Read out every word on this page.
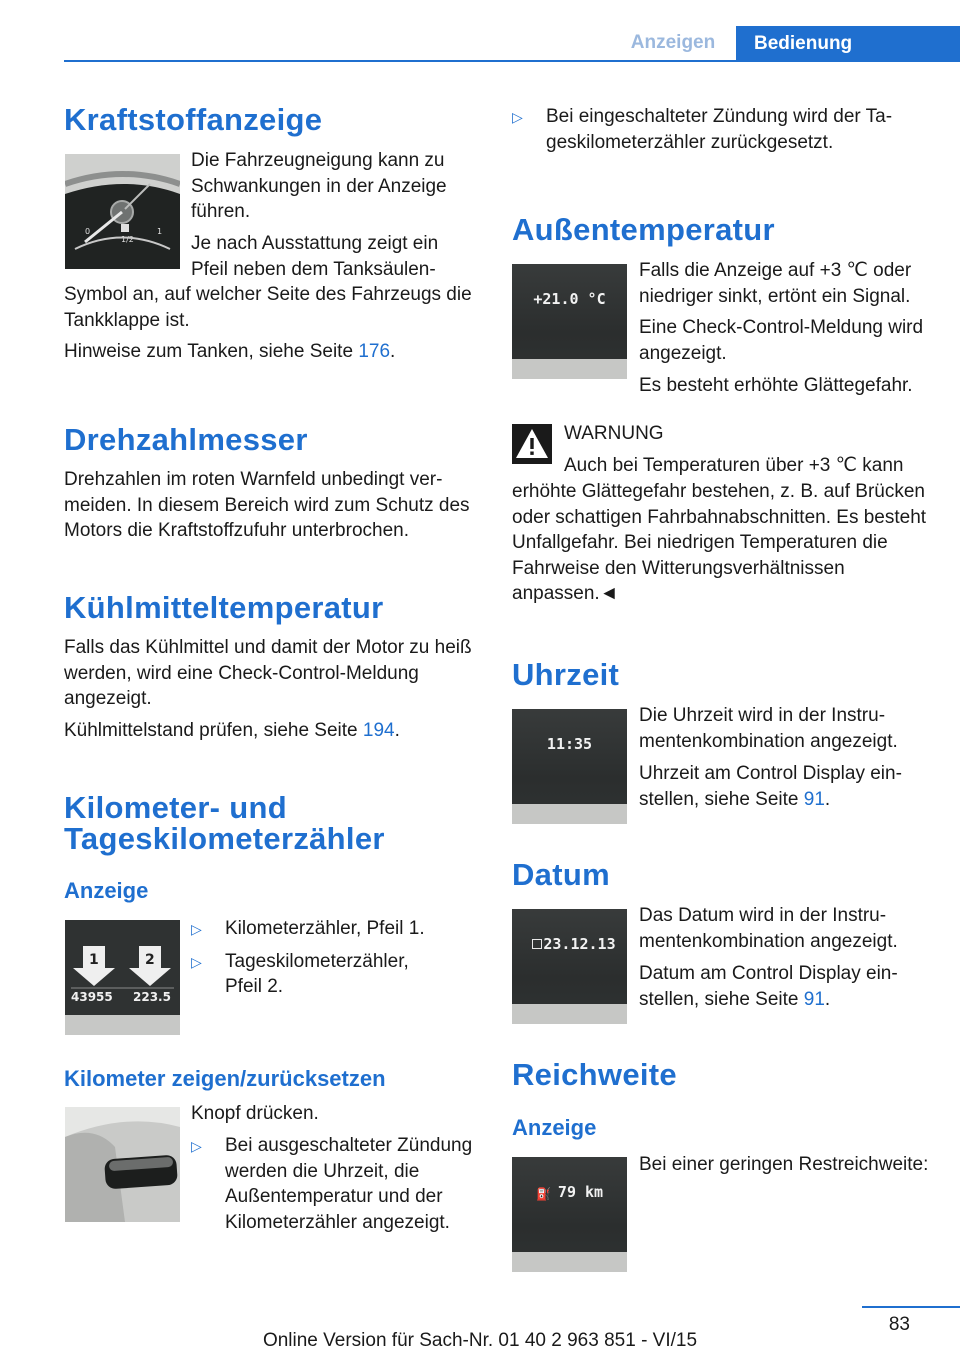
Anzeigen	Bedienung
Kraftstoffanzeige
0
1/2
1
Die Fahrzeugneigung kann zu Schwankungen in der Anzeige führen.
Je nach Ausstattung zeigt ein Pfeil neben dem Tanksäulen-
Symbol an, auf welcher Seite des Fahrzeugs die Tankklappe ist.
Hinweise zum Tanken, siehe Seite 176.
Drehzahlmesser
Drehzahlen im roten Warnfeld unbedingt vermeiden. In diesem Bereich wird zum Schutz des Motors die Kraftstoffzufuhr unterbrochen.
Kühlmitteltemperatur
Falls das Kühlmittel und damit der Motor zu heiß werden, wird eine Check-Control-Meldung angezeigt.
Kühlmittelstand prüfen, siehe Seite 194.
Kilometer- und
Tageskilometerzähler
Anzeige
1	2
43955 223.5
▷	Kilometerzähler, Pfeil 1.
▷	Tageskilometerzähler, Pfeil 2.
Kilometer zeigen/zurücksetzen
Knopf drücken.
▷	Bei ausgeschalteter Zündung werden die Uhrzeit, die Außentemperatur und der Kilometerzähler angezeigt.
▷	Bei eingeschalteter Zündung wird der Tageskilometerzähler zurückgesetzt.
Außentemperatur
+21.0 °C
Falls die Anzeige auf +3 ℃ oder niedriger sinkt, ertönt ein Signal.
Eine Check-Control-Meldung wird angezeigt.
Es besteht erhöhte Glättegefahr.
WARNUNG
Auch bei Temperaturen über +3 ℃ kann
erhöhte Glättegefahr bestehen, z. B. auf Brücken oder schattigen Fahrbahnabschnitten. Es besteht Unfallgefahr. Bei niedrigen Temperaturen die Fahrweise den Witterungsverhältnissen anpassen.◄
Uhrzeit
11:35
Die Uhrzeit wird in der Instrumentenkombination angezeigt.
Uhrzeit am Control Display einstellen, siehe Seite 91.
Datum
23.12.13
Das Datum wird in der Instrumentenkombination angezeigt.
Datum am Control Display einstellen, siehe Seite 91.
Reichweite
Anzeige
⛽ 79 km
Bei einer geringen Restreichweite:
83
Online Version für Sach-Nr. 01 40 2 963 851 - VI/15
